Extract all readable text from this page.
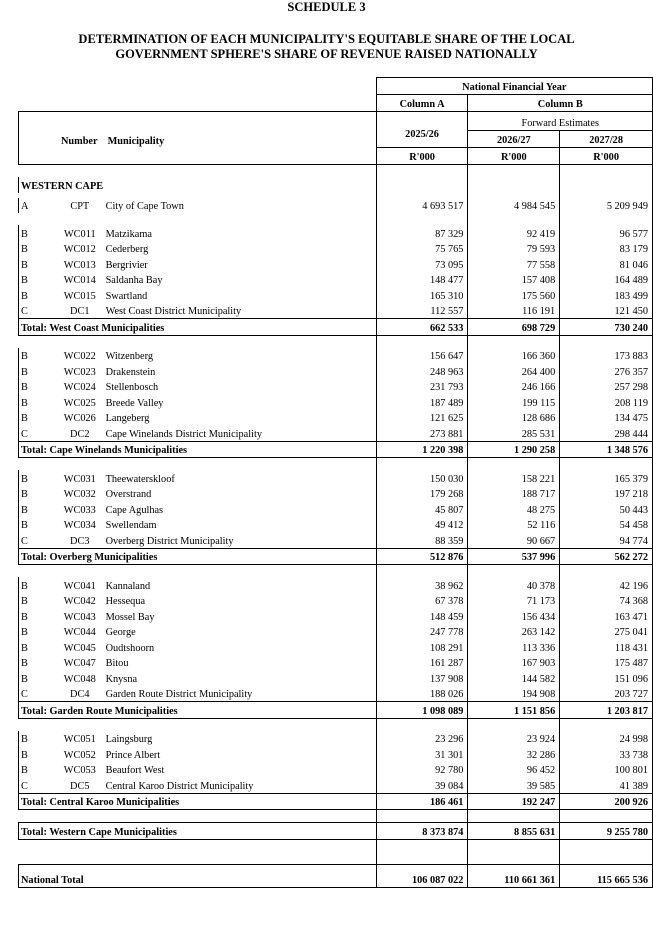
SCHEDULE 3
DETERMINATION OF EACH MUNICIPALITY'S EQUITABLE SHARE OF THE LOCAL
GOVERNMENT SPHERE'S SHARE OF REVENUE RAISED NATIONALLY
			National Financial Year		
			Column A	Column B	
Number		Municipality	2025/26	Forward Estimates	
				2026/27	2027/28
			R'000	R'000	R'000

WESTERN CAPE					

A	CPT	City of Cape Town	4 693 517	4 984 545	5 209 949

B	WC011	Matzikama	87 329	92 419	96 577
B	WC012	Cederberg	75 765	79 593	83 179
B	WC013	Bergrivier	73 095	77 558	81 046
B	WC014	Saldanha Bay	148 477	157 408	164 489
B	WC015	Swartland	165 310	175 560	183 499
C	DC1	West Coast District Municipality	112 557	116 191	121 450
Total: West Coast Municipalities			662 533	698 729	730 240

B	WC022	Witzenberg	156 647	166 360	173 883
B	WC023	Drakenstein	248 963	264 400	276 357
B	WC024	Stellenbosch	231 793	246 166	257 298
B	WC025	Breede Valley	187 489	199 115	208 119
B	WC026	Langeberg	121 625	128 686	134 475
C	DC2	Cape Winelands District Municipality	273 881	285 531	298 444
Total: Cape Winelands Municipalities			1 220 398	1 290 258	1 348 576

B	WC031	Theewaterskloof	150 030	158 221	165 379
B	WC032	Overstrand	179 268	188 717	197 218
B	WC033	Cape Agulhas	45 807	48 275	50 443
B	WC034	Swellendam	49 412	52 116	54 458
C	DC3	Overberg District Municipality	88 359	90 667	94 774
Total: Overberg Municipalities			512 876	537 996	562 272

B	WC041	Kannaland	38 962	40 378	42 196
B	WC042	Hessequa	67 378	71 173	74 368
B	WC043	Mossel Bay	148 459	156 434	163 471
B	WC044	George	247 778	263 142	275 041
B	WC045	Oudtshoorn	108 291	113 336	118 431
B	WC047	Bitou	161 287	167 903	175 487
B	WC048	Knysna	137 908	144 582	151 096
C	DC4	Garden Route District Municipality	188 026	194 908	203 727
Total: Garden Route Municipalities			1 098 089	1 151 856	1 203 817

B	WC051	Laingsburg	23 296	23 924	24 998
B	WC052	Prince Albert	31 301	32 286	33 738
B	WC053	Beaufort West	92 780	96 452	100 801
C	DC5	Central Karoo District Municipality	39 084	39 585	41 389
Total: Central Karoo Municipalities			186 461	192 247	200 926

Total: Western Cape Municipalities			8 373 874	8 855 631	9 255 780

National Total			106 087 022	110 661 361	115 665 536
